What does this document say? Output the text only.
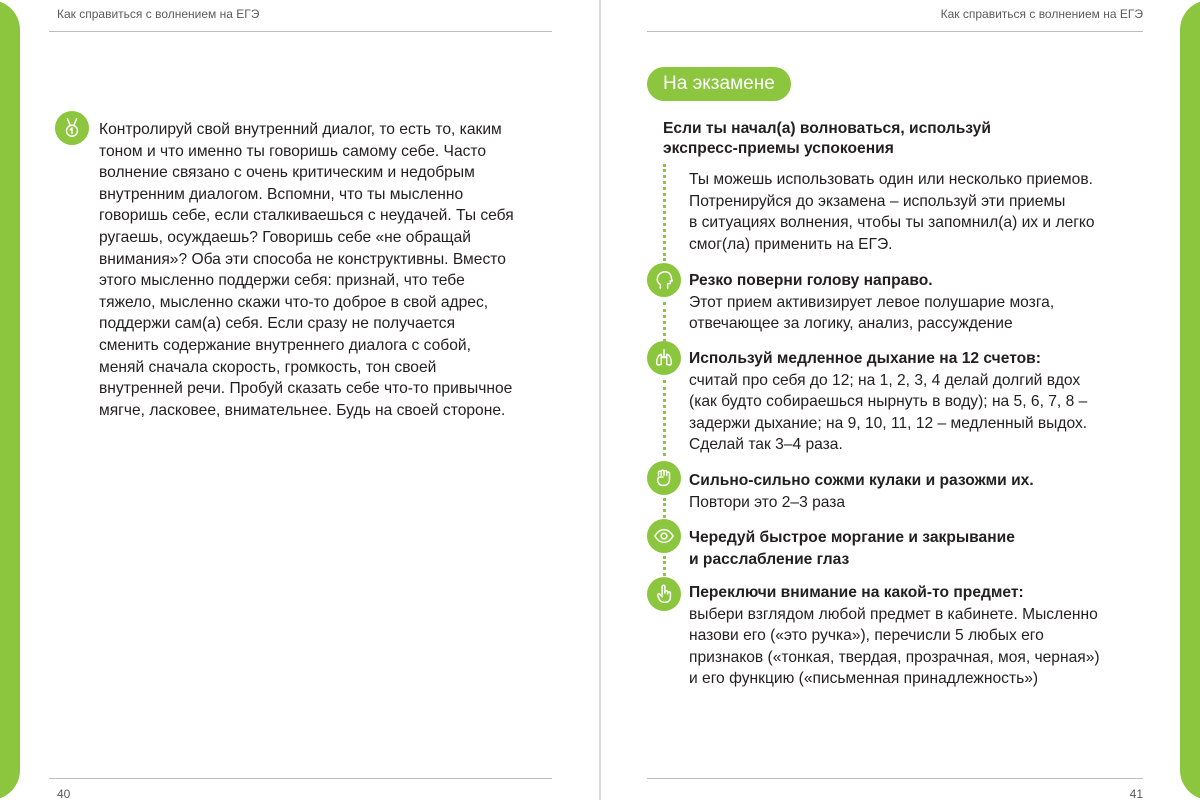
Как справиться с волнением на ЕГЭ
Контролируй свой внутренний диалог, то есть то, каким
тоном и что именно ты говоришь самому себе. Часто
волнение связано с очень критическим и недобрым
внутренним диалогом. Вспомни, что ты мысленно
говоришь себе, если сталкиваешься с неудачей. Ты себя
ругаешь, осуждаешь? Говоришь себе «не обращай
внимания»? Оба эти способа не конструктивны. Вместо
этого мысленно поддержи себя: признай, что тебе
тяжело, мысленно скажи что-то доброе в свой адрес,
поддержи сам(а) себя. Если сразу не получается
сменить содержание внутреннего диалога с собой,
меняй сначала скорость, громкость, тон своей
внутренней речи. Пробуй сказать себе что-то привычное
мягче, ласковее, внимательнее. Будь на своей стороне.
40
Как справиться с волнением на ЕГЭ
На экзамене
Если ты начал(а) волноваться, используй
экспресс-приемы успокоения
Ты можешь использовать один или несколько приемов.
Потренируйся до экзамена – используй эти приемы
в ситуациях волнения, чтобы ты запомнил(а) их и легко
смог(ла) применить на ЕГЭ.
Резко поверни голову направо.
Этот прием активизирует левое полушарие мозга,
отвечающее за логику, анализ, рассуждение
Используй медленное дыхание на 12 счетов:
считай про себя до 12; на 1, 2, 3, 4 делай долгий вдох
(как будто собираешься нырнуть в воду); на 5, 6, 7, 8 –
задержи дыхание; на 9, 10, 11, 12 – медленный выдох.
Сделай так 3–4 раза.
Сильно-сильно сожми кулаки и разожми их.
Повтори это 2–3 раза
Чередуй быстрое моргание и закрывание
и расслабление глаз
Переключи внимание на какой-то предмет:
выбери взглядом любой предмет в кабинете. Мысленно
назови его («это ручка»), перечисли 5 любых его
признаков («тонкая, твердая, прозрачная, моя, черная»)
и его функцию («письменная принадлежность»)
41
